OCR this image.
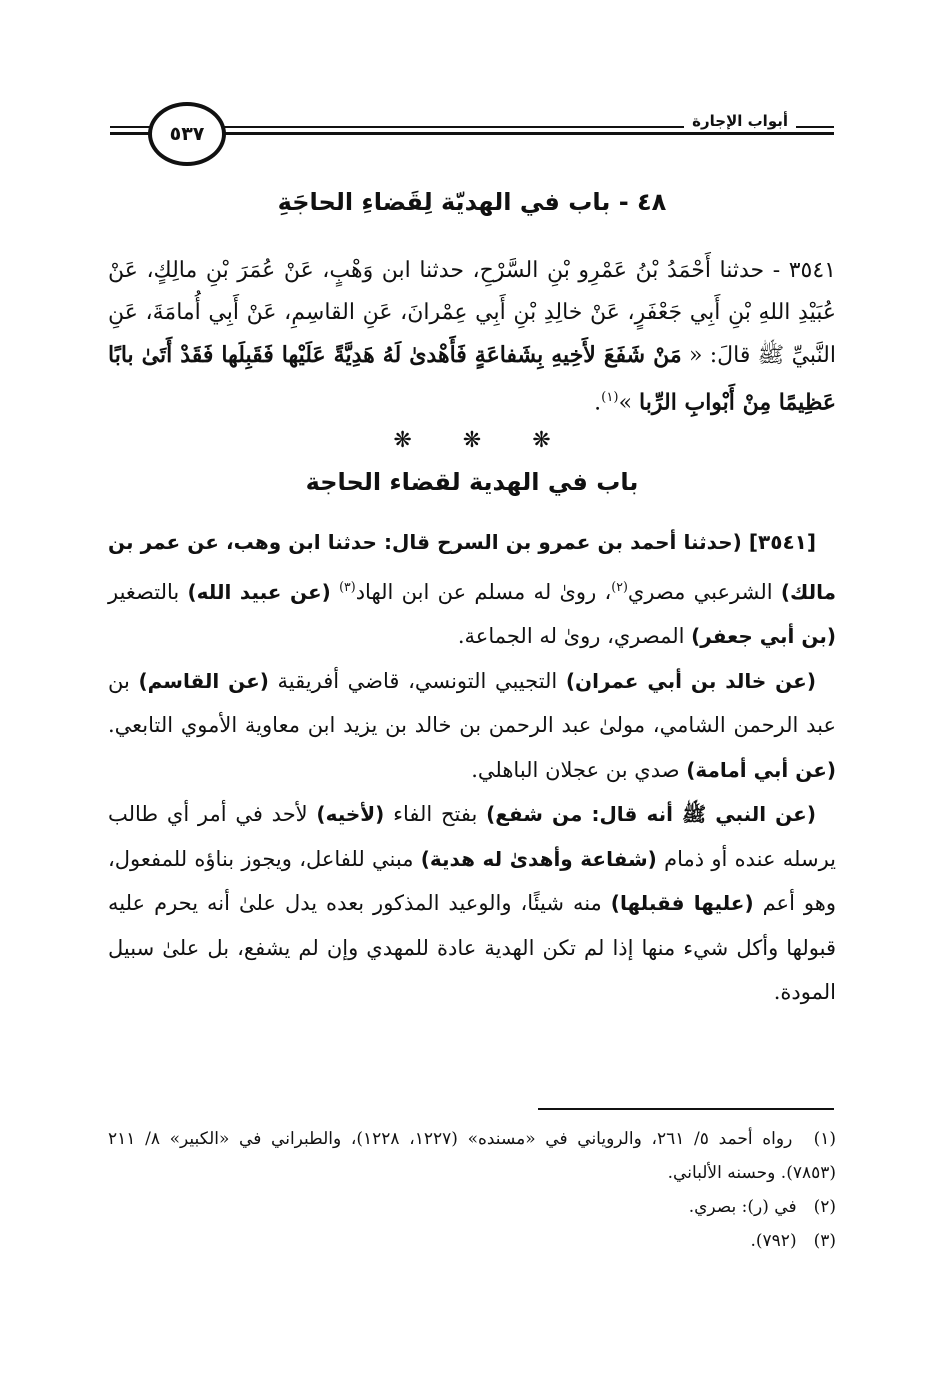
٥٣٧
أبواب الإجارة
٤٨ - باب في الهديّة لِقَضاءِ الحاجَةِ
٣٥٤١ - حدثنا أَحْمَدُ بْنُ عَمْرِو بْنِ السَّرْحِ، حدثنا ابن وَهْبٍ، عَنْ عُمَرَ بْنِ مالِكٍ، عَنْ عُبَيْدِ اللهِ بْنِ أَبِي جَعْفَرٍ، عَنْ خالِدِ بْنِ أَبِي عِمْرانَ، عَنِ القاسِمِ، عَنْ أَبِي أُمامَةَ، عَنِ النَّبيِّ ﷺ قالَ: « مَنْ شَفَعَ لأَخِيهِ بِشَفاعَةٍ فَأَهْدىٰ لَهُ هَدِيَّةً عَلَيْها فَقَبِلَها فَقَدْ أَتَىٰ بابًا عَظِيمًا مِنْ أَبْوابِ الرِّبا »$^{(١)}$.
❋ ❋ ❋
باب في الهدية لقضاء الحاجة

[٣٥٤١] (حدثنا أحمد بن عمرو بن السرح قال: حدثنا ابن وهب، عن عمر بن مالك) الشرعبي مصري$^{(٢)}$، رویٰ له مسلم عن ابن الهاد$^{(٣)}$ (عن عبيد الله) بالتصغير (بن أبي جعفر) المصري، رویٰ له الجماعة.

(عن خالد بن أبي عمران) التجيبي التونسي، قاضي أفريقية (عن القاسم) بن عبد الرحمن الشامي، مولیٰ عبد الرحمن بن خالد بن يزيد ابن معاوية الأموي التابعي. (عن أبي أمامة) صدي بن عجلان الباهلي.

(عن النبي ﷺ أنه قال: من شفع) بفتح الفاء (لأخيه) لأحد في أمر أي طالب يرسله عنده أو ذمام (شفاعة وأهدیٰ له هدية) مبني للفاعل، ويجوز بناؤه للمفعول، وهو أعم (عليها فقبلها) منه شيئًا، والوعيد المذكور بعده يدل علیٰ أنه يحرم عليه قبولها وأكل شيء منها إذا لم تكن الهدية عادة للمهدي وإن لم يشفع، بل علیٰ سبيل المودة.

(١) رواه أحمد ٥/ ٢٦١، والروياني في «مسنده» (١٢٢٧، ١٢٢٨)، والطبراني في «الكبير» ٨/ ٢١١ (٧٨٥٣). وحسنه الألباني.

(٢) في (ر): بصري.

(٣) (٧٩٢).
